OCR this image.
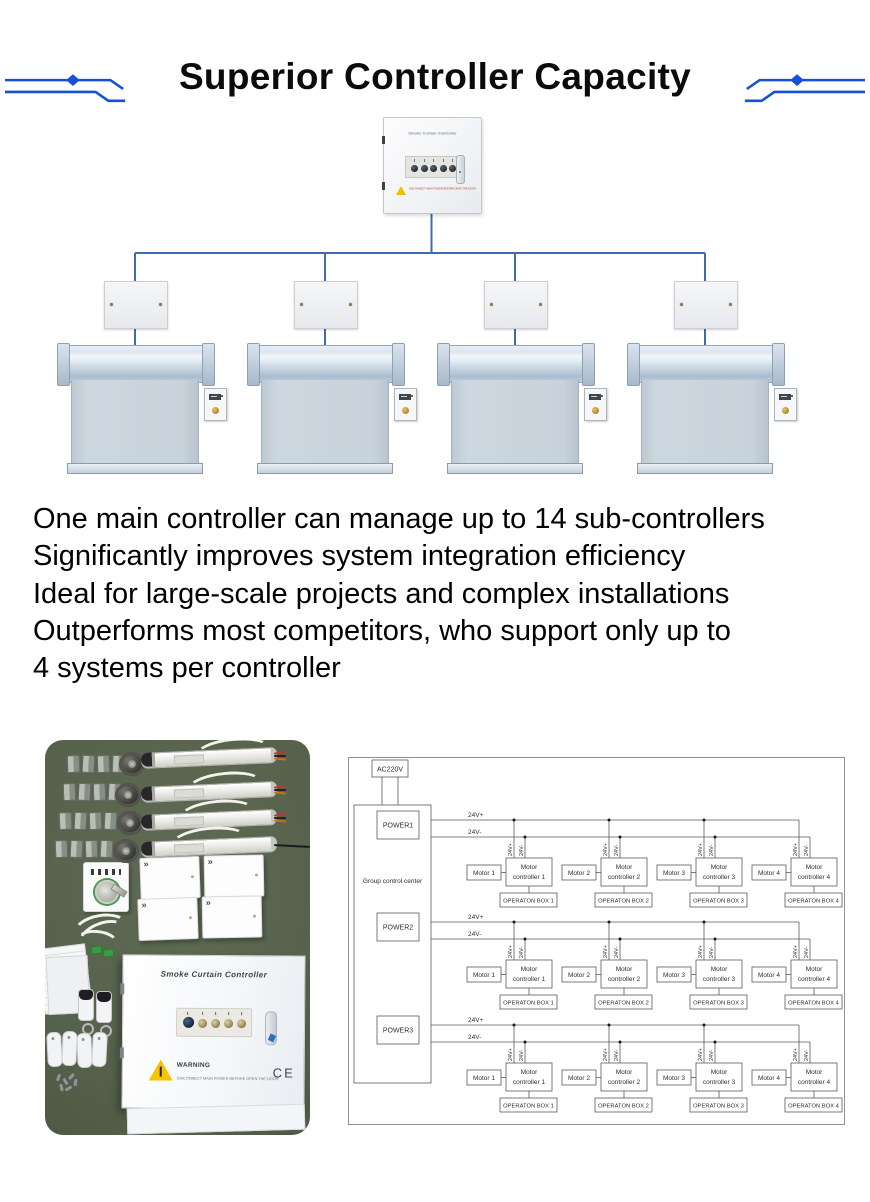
Superior Controller Capacity
Smoke Curtain Controller
DISCONNECT MAIN POWER BEFORE OPEN THE DOOR

One main controller can manage up to 14 sub-controllers

Significantly improves system integration efficiency

Ideal for large-scale projects and complex installations

Outperforms most competitors, who support only up to

4 systems per controller

Smoke Curtain Controller
WARNING
DISCONNECT MAIN POWER BEFORE OPEN THE DOOR
CE
»	»
»	»
AC220V
Group control center
POWER1
24V+
24V-
24V+ 24V-
Motor
controller 1
Motor 1
OPERATON BOX 1
24V+ 24V-
Motor
controller 2
Motor 2
OPERATON BOX 2
24V+ 24V-
Motor
controller 3
Motor 3
OPERATON BOX 3
24V+ 24V-
Motor
controller 4
Motor 4
OPERATON BOX 4
POWER2
24V+
24V-
24V+ 24V-
Motor
controller 1
Motor 1
OPERATON BOX 1
24V+ 24V-
Motor
controller 2
Motor 2
OPERATON BOX 2
24V+ 24V-
Motor
controller 3
Motor 3
OPERATON BOX 3
24V+ 24V-
Motor
controller 4
Motor 4
OPERATON BOX 4
POWER3
24V+
24V-
24V+ 24V-
Motor
controller 1
Motor 1
OPERATON BOX 1
24V+ 24V-
Motor
controller 2
Motor 2
OPERATON BOX 2
24V+ 24V-
Motor
controller 3
Motor 3
OPERATON BOX 3
24V+ 24V-
Motor
controller 4
Motor 4
OPERATON BOX 4
